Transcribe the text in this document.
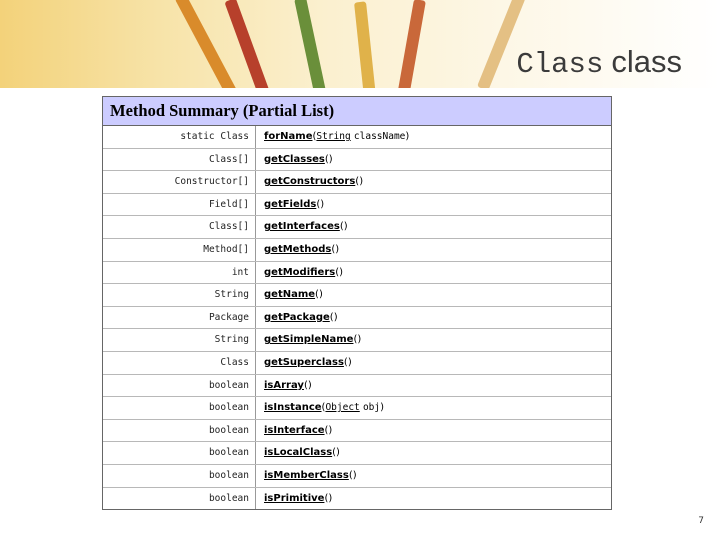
Class class
Method Summary (Partial List)
static Class	forName(String className)
Class[]	getClasses()
Constructor[]	getConstructors()
Field[]	getFields()
Class[]	getInterfaces()
Method[]	getMethods()
int	getModifiers()
String	getName()
Package	getPackage()
String	getSimpleName()
Class	getSuperclass()
boolean	isArray()
boolean	isInstance(Object obj)
boolean	isInterface()
boolean	isLocalClass()
boolean	isMemberClass()
boolean	isPrimitive()
7
